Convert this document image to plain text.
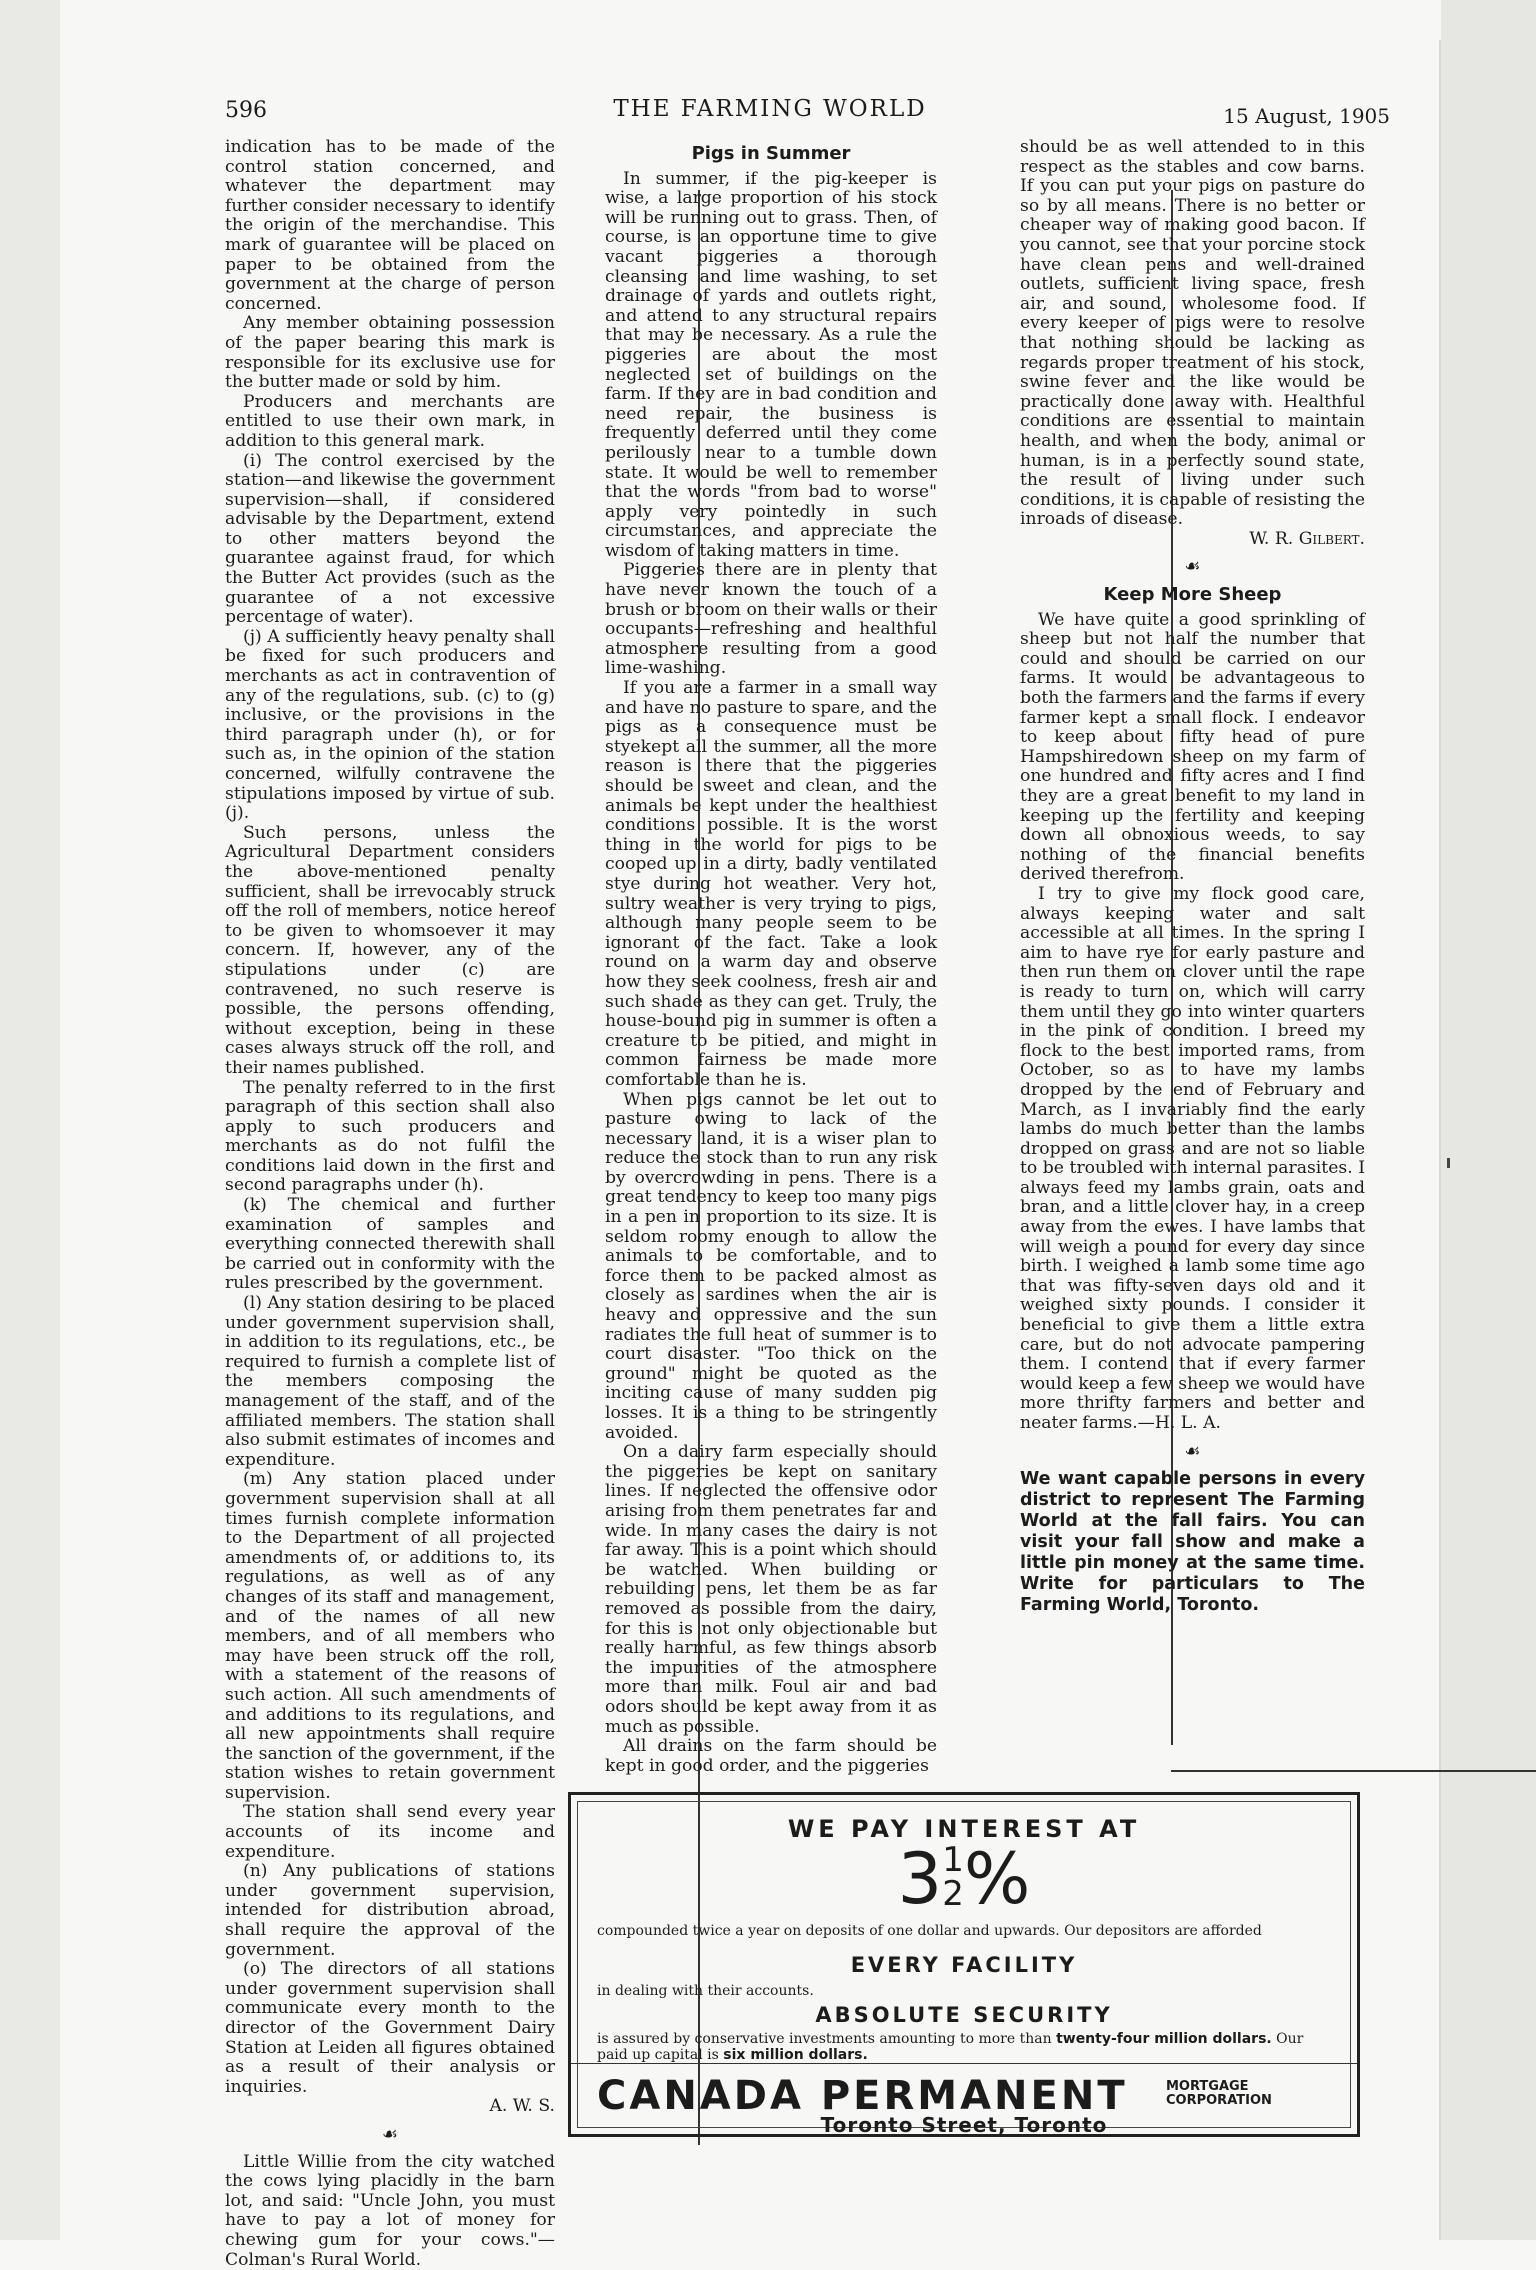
596	THE FARMING WORLD	15 August, 1905

indication has to be made of the control station concerned, and whatever the department may further consider necessary to identify the origin of the merchandise. This mark of guarantee will be placed on paper to be obtained from the government at the charge of person concerned.

Any member obtaining possession of the paper bearing this mark is responsible for its exclusive use for the butter made or sold by him.

Producers and merchants are entitled to use their own mark, in addition to this general mark.

(i) The control exercised by the station—and likewise the government supervision—shall, if considered advisable by the Department, extend to other matters beyond the guarantee against fraud, for which the Butter Act provides (such as the guarantee of a not excessive percentage of water).

(j) A sufficiently heavy penalty shall be fixed for such producers and merchants as act in contravention of any of the regulations, sub. (c) to (g) inclusive, or the provisions in the third paragraph under (h), or for such as, in the opinion of the station concerned, wilfully contravene the stipulations imposed by virtue of sub. (j).

Such persons, unless the Agricultural Department considers the above-mentioned penalty sufficient, shall be irrevocably struck off the roll of members, notice hereof to be given to whomsoever it may concern. If, however, any of the stipulations under (c) are contravened, no such reserve is possible, the persons offending, without exception, being in these cases always struck off the roll, and their names published.

The penalty referred to in the first paragraph of this section shall also apply to such producers and merchants as do not fulfil the conditions laid down in the first and second paragraphs under (h).

(k) The chemical and further examination of samples and everything connected therewith shall be carried out in conformity with the rules prescribed by the government.

(l) Any station desiring to be placed under government supervision shall, in addition to its regulations, etc., be required to furnish a complete list of the members composing the management of the staff, and of the affiliated members. The station shall also submit estimates of incomes and expenditure.

(m) Any station placed under government supervision shall at all times furnish complete information to the Department of all projected amendments of, or additions to, its regulations, as well as of any changes of its staff and management, and of the names of all new members, and of all members who may have been struck off the roll, with a statement of the reasons of such action. All such amendments of and additions to its regulations, and all new appointments shall require the sanction of the government, if the station wishes to retain government supervision.

The station shall send every year accounts of its income and expenditure.

(n) Any publications of stations under government supervision, intended for distribution abroad, shall require the approval of the government.

(o) The directors of all stations under government supervision shall communicate every month to the director of the Government Dairy Station at Leiden all figures obtained as a result of their analysis or inquiries.

A. W. S.

☙

Little Willie from the city watched the cows lying placidly in the barn lot, and said: "Uncle John, you must have to pay a lot of money for chewing gum for your cows."—Colman's Rural World.

Pigs in Summer

In summer, if the pig-keeper is wise, a large proportion of his stock will be running out to grass. Then, of course, is an opportune time to give vacant piggeries a thorough cleansing and lime washing, to set drainage of yards and outlets right, and attend to any structural repairs that may be necessary. As a rule the piggeries are about the most neglected set of buildings on the farm. If they are in bad condition and need repair, the business is frequently deferred until they come perilously near to a tumble down state. It would be well to remember that the words "from bad to worse" apply very pointedly in such circumstances, and appreciate the wisdom of taking matters in time.

Piggeries there are in plenty that have never known the touch of a brush or broom on their walls or their occupants—refreshing and healthful atmosphere resulting from a good lime-washing.

If you are a farmer in a small way and have no pasture to spare, and the pigs as a consequence must be styekept all the summer, all the more reason is there that the piggeries should be sweet and clean, and the animals be kept under the healthiest conditions possible. It is the worst thing in the world for pigs to be cooped up in a dirty, badly ventilated stye during hot weather. Very hot, sultry weather is very trying to pigs, although many people seem to be ignorant of the fact. Take a look round on a warm day and observe how they seek coolness, fresh air and such shade as they can get. Truly, the house-bound pig in summer is often a creature to be pitied, and might in common fairness be made more comfortable than he is.

When pigs cannot be let out to pasture owing to lack of the necessary land, it is a wiser plan to reduce the stock than to run any risk by overcrowding in pens. There is a great tendency to keep too many pigs in a pen in proportion to its size. It is seldom roomy enough to allow the animals to be comfortable, and to force them to be packed almost as closely as sardines when the air is heavy and oppressive and the sun radiates the full heat of summer is to court disaster. "Too thick on the ground" might be quoted as the inciting cause of many sudden pig losses. It is a thing to be stringently avoided.

On a dairy farm especially should the piggeries be kept on sanitary lines. If neglected the offensive odor arising from them penetrates far and wide. In many cases the dairy is not far away. This is a point which should be watched. When building or rebuilding pens, let them be as far removed as possible from the dairy, for this is not only objectionable but really harmful, as few things absorb the impurities of the atmosphere more than milk. Foul air and bad odors should be kept away from it as much as possible.

All drains on the farm should be kept in good order, and the piggeries

should be as well attended to in this respect as the stables and cow barns. If you can put your pigs on pasture do so by all means. There is no better or cheaper way of making good bacon. If you cannot, see that your porcine stock have clean pens and well-drained outlets, sufficient living space, fresh air, and sound, wholesome food. If every keeper of pigs were to resolve that nothing should be lacking as regards proper treatment of his stock, swine fever and the like would be practically done away with. Healthful conditions are essential to maintain health, and when the body, animal or human, is in a perfectly sound state, the result of living under such conditions, it is capable of resisting the inroads of disease.

W. R. Gilbert.

☙
Keep More Sheep

We have quite a good sprinkling of sheep but not half the number that could and should be carried on our farms. It would be advantageous to both the farmers and the farms if every farmer kept a small flock. I endeavor to keep about fifty head of pure Hampshiredown sheep on my farm of one hundred and fifty acres and I find they are a great benefit to my land in keeping up the fertility and keeping down all obnoxious weeds, to say nothing of the financial benefits derived therefrom.

I try to give my flock good care, always keeping water and salt accessible at all times. In the spring I aim to have rye for early pasture and then run them on clover until the rape is ready to turn on, which will carry them until they go into winter quarters in the pink of condition. I breed my flock to the best imported rams, from October, so as to have my lambs dropped by the end of February and March, as I invariably find the early lambs do much better than the lambs dropped on grass and are not so liable to be troubled with internal parasites. I always feed my lambs grain, oats and bran, and a little clover hay, in a creep away from the ewes. I have lambs that will weigh a pound for every day since birth. I weighed a lamb some time ago that was fifty-seven days old and it weighed sixty pounds. I consider it beneficial to give them a little extra care, but do not advocate pampering them. I contend that if every farmer would keep a few sheep we would have more thrifty farmers and better and neater farms.—H. L. A.

☙

We want capable persons in every district to represent The Farming World at the fall fairs. You can visit your fall show and make a little pin money at the same time. Write for particulars to The Farming World, Toronto.

WE PAY INTEREST AT
31
2%
compounded twice a year on deposits of one dollar and upwards. Our depositors are afforded
EVERY FACILITY
in dealing with their accounts.
ABSOLUTE SECURITY
is assured by conservative investments amounting to more than twenty-four million dollars. Our paid up capital is six million dollars.
CANADA PERMANENT	MORTGAGE
CORPORATION
Toronto Street, Toronto
